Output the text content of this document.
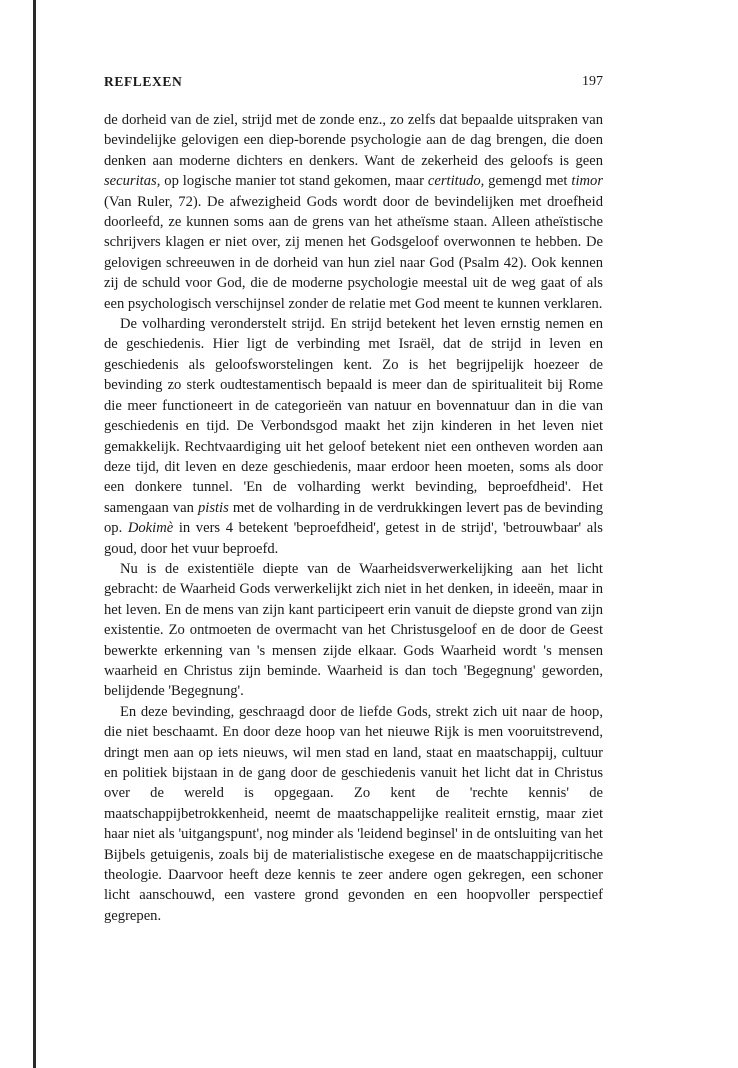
REFLEXEN	197

de dorheid van de ziel, strijd met de zonde enz., zo zelfs dat bepaalde uitspraken van bevindelijke gelovigen een diep-borende psychologie aan de dag brengen, die doen denken aan moderne dichters en denkers. Want de zekerheid des geloofs is geen securitas, op logische manier tot stand gekomen, maar certitudo, gemengd met timor (Van Ruler, 72). De afwezigheid Gods wordt door de bevindelijken met droefheid doorleefd, ze kunnen soms aan de grens van het atheïsme staan. Alleen atheïstische schrijvers klagen er niet over, zij menen het Godsgeloof overwonnen te hebben. De gelovigen schreeuwen in de dorheid van hun ziel naar God (Psalm 42). Ook kennen zij de schuld voor God, die de moderne psychologie meestal uit de weg gaat of als een psychologisch verschijnsel zonder de relatie met God meent te kunnen verklaren.

De volharding veronderstelt strijd. En strijd betekent het leven ernstig nemen en de geschiedenis. Hier ligt de verbinding met Israël, dat de strijd in leven en geschiedenis als geloofsworstelingen kent. Zo is het begrijpelijk hoezeer de bevinding zo sterk oudtestamentisch bepaald is meer dan de spiritualiteit bij Rome die meer functioneert in de categorieën van natuur en bovennatuur dan in die van geschiedenis en tijd. De Verbondsgod maakt het zijn kinderen in het leven niet gemakkelijk. Rechtvaardiging uit het geloof betekent niet een ontheven worden aan deze tijd, dit leven en deze geschiedenis, maar erdoor heen moeten, soms als door een donkere tunnel. 'En de volharding werkt bevinding, beproefdheid'. Het samengaan van pistis met de volharding in de verdrukkingen levert pas de bevinding op. Dokimè in vers 4 betekent 'beproefdheid', getest in de strijd', 'betrouwbaar' als goud, door het vuur beproefd.

Nu is de existentiële diepte van de Waarheidsverwerkelijking aan het licht gebracht: de Waarheid Gods verwerkelijkt zich niet in het denken, in ideeën, maar in het leven. En de mens van zijn kant participeert erin vanuit de diepste grond van zijn existentie. Zo ontmoeten de overmacht van het Christusgeloof en de door de Geest bewerkte erkenning van 's mensen zijde elkaar. Gods Waarheid wordt 's mensen waarheid en Christus zijn beminde. Waarheid is dan toch 'Begegnung' geworden, belijdende 'Begegnung'.

En deze bevinding, geschraagd door de liefde Gods, strekt zich uit naar de hoop, die niet beschaamt. En door deze hoop van het nieuwe Rijk is men vooruitstrevend, dringt men aan op iets nieuws, wil men stad en land, staat en maatschappij, cultuur en politiek bijstaan in de gang door de geschiedenis vanuit het licht dat in Christus over de wereld is opgegaan. Zo kent de 'rechte kennis' de maatschappijbetrokkenheid, neemt de maatschappelijke realiteit ernstig, maar ziet haar niet als 'uitgangspunt', nog minder als 'leidend beginsel' in de ontsluiting van het Bijbels getuigenis, zoals bij de materialistische exegese en de maatschappijcritische theologie. Daarvoor heeft deze kennis te zeer andere ogen gekregen, een schoner licht aanschouwd, een vastere grond gevonden en een hoopvoller perspectief gegrepen.
